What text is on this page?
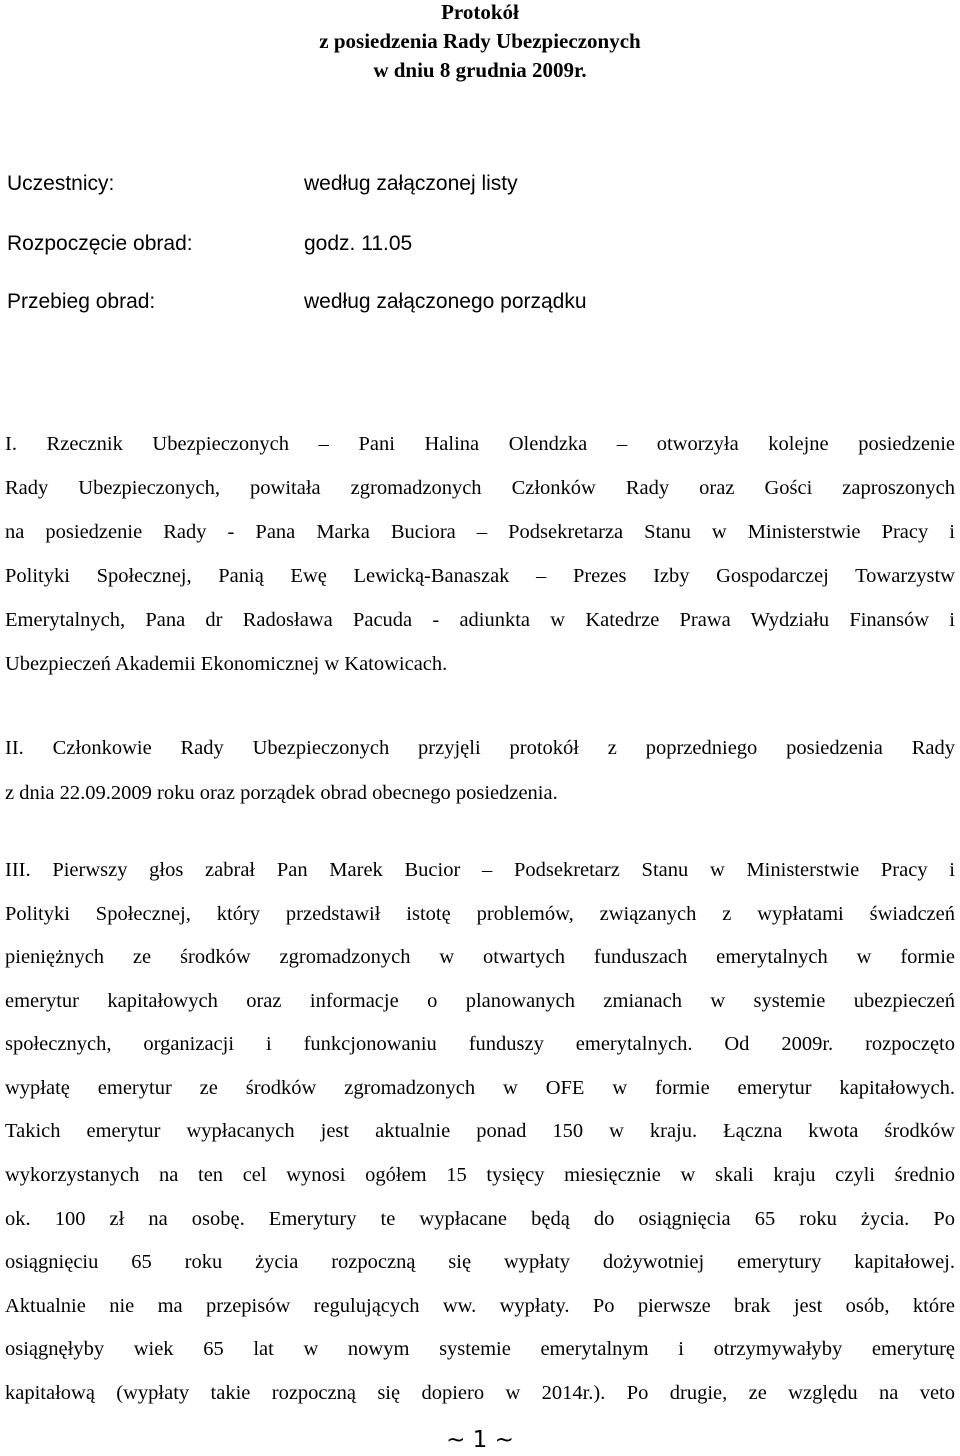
Protokół
z posiedzenia Rady Ubezpieczonych
w dniu 8 grudnia 2009r.
Uczestnicy:	według załączonej listy
Rozpoczęcie obrad:	godz. 11.05
Przebieg obrad:	według załączonego porządku
I. Rzecznik Ubezpieczonych – Pani Halina Olendzka – otworzyła kolejne posiedzenie
Rady Ubezpieczonych, powitała zgromadzonych Członków Rady oraz Gości zaproszonych
na posiedzenie Rady - Pana Marka Buciora – Podsekretarza Stanu w Ministerstwie Pracy i
Polityki Społecznej, Panią Ewę Lewicką-Banaszak – Prezes Izby Gospodarczej Towarzystw
Emerytalnych, Pana dr Radosława Pacuda - adiunkta w Katedrze Prawa Wydziału Finansów i
Ubezpieczeń Akademii Ekonomicznej w Katowicach.
II. Członkowie Rady Ubezpieczonych przyjęli protokół z poprzedniego posiedzenia Rady
z dnia 22.09.2009 roku oraz porządek obrad obecnego posiedzenia.
III. Pierwszy głos zabrał Pan Marek Bucior – Podsekretarz Stanu w Ministerstwie Pracy i
Polityki Społecznej, który przedstawił istotę problemów, związanych z wypłatami świadczeń
pieniężnych ze środków zgromadzonych w otwartych funduszach emerytalnych w formie
emerytur kapitałowych oraz informacje o planowanych zmianach w systemie ubezpieczeń
społecznych, organizacji i funkcjonowaniu funduszy emerytalnych. Od 2009r. rozpoczęto
wypłatę emerytur ze środków zgromadzonych w OFE w formie emerytur kapitałowych.
Takich emerytur wypłacanych jest aktualnie ponad 150 w kraju. Łączna kwota środków
wykorzystanych na ten cel wynosi ogółem 15 tysięcy miesięcznie w skali kraju czyli średnio
ok. 100 zł na osobę. Emerytury te wypłacane będą do osiągnięcia 65 roku życia. Po
osiągnięciu 65 roku życia rozpoczną się wypłaty dożywotniej emerytury kapitałowej.
Aktualnie nie ma przepisów regulujących ww. wypłaty. Po pierwsze brak jest osób, które
osiągnęłyby wiek 65 lat w nowym systemie emerytalnym i otrzymywałyby emeryturę
kapitałową (wypłaty takie rozpoczną się dopiero w 2014r.). Po drugie, ze względu na veto
~ 1 ~
